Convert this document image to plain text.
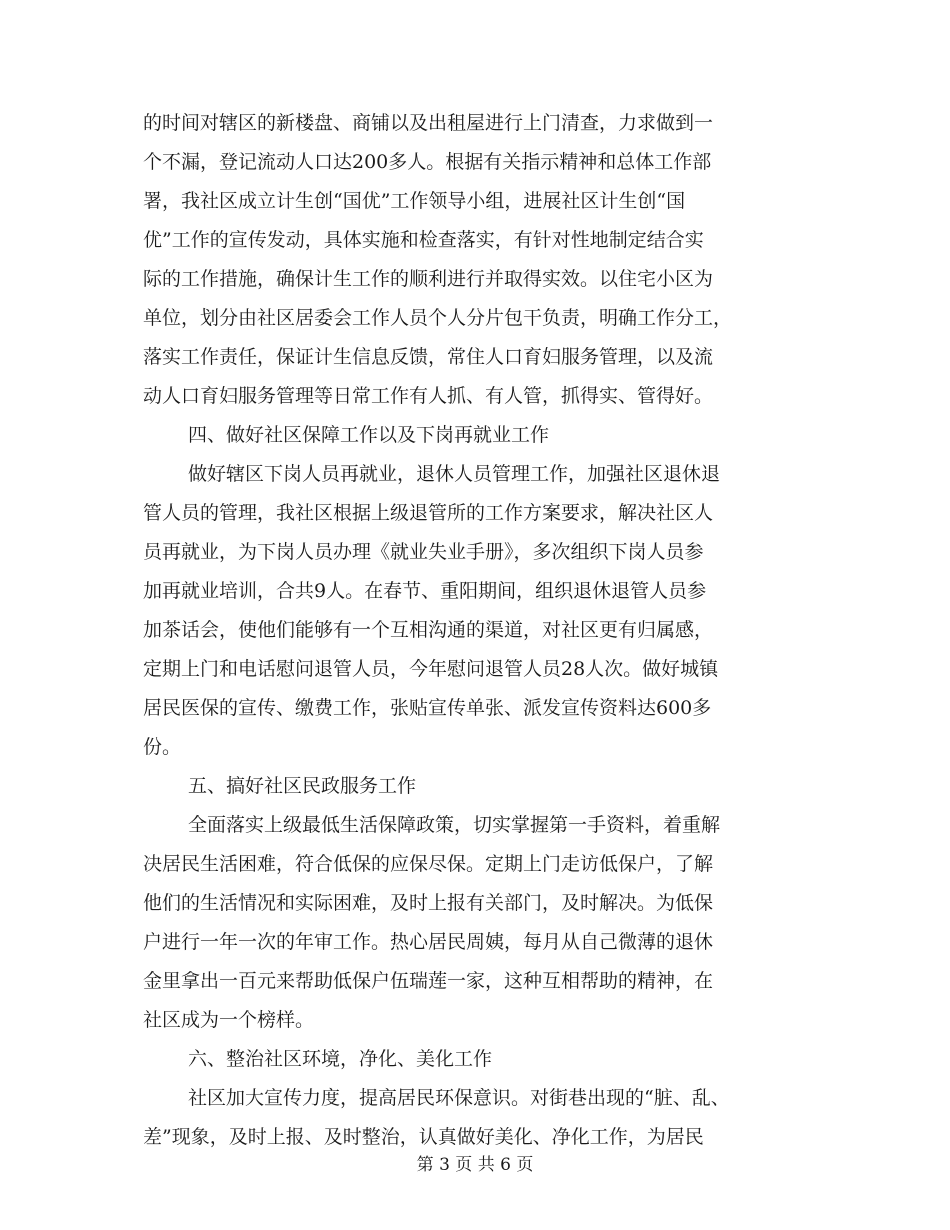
的时间对辖区的新楼盘、商铺以及出租屋进行上门清查，力求做到一
个不漏，登记流动人口达200多人。根据有关指示精神和总体工作部
署，我社区成立计生创“国优”工作领导小组，进展社区计生创“国
优”工作的宣传发动，具体实施和检查落实，有针对性地制定结合实
际的工作措施，确保计生工作的顺利进行并取得实效。以住宅小区为
单位，划分由社区居委会工作人员个人分片包干负责，明确工作分工，
落实工作责任，保证计生信息反馈，常住人口育妇服务管理，以及流
动人口育妇服务管理等日常工作有人抓、有人管，抓得实、管得好。
四、做好社区保障工作以及下岗再就业工作
做好辖区下岗人员再就业，退休人员管理工作，加强社区退休退
管人员的管理，我社区根据上级退管所的工作方案要求，解决社区人
员再就业，为下岗人员办理《就业失业手册》，多次组织下岗人员参
加再就业培训，合共9人。在春节、重阳期间，组织退休退管人员参
加茶话会，使他们能够有一个互相沟通的渠道，对社区更有归属感，
定期上门和电话慰问退管人员，今年慰问退管人员28人次。做好城镇
居民医保的宣传、缴费工作，张贴宣传单张、派发宣传资料达600多
份。
五、搞好社区民政服务工作
全面落实上级最低生活保障政策，切实掌握第一手资料，着重解
决居民生活困难，符合低保的应保尽保。定期上门走访低保户，了解
他们的生活情况和实际困难，及时上报有关部门，及时解决。为低保
户进行一年一次的年审工作。热心居民周姨，每月从自己微薄的退休
金里拿出一百元来帮助低保户伍瑞莲一家，这种互相帮助的精神，在
社区成为一个榜样。
六、整治社区环境，净化、美化工作
社区加大宣传力度，提高居民环保意识。对街巷出现的“脏、乱、
差”现象，及时上报、及时整治，认真做好美化、净化工作，为居民
第 3 页 共 6 页
